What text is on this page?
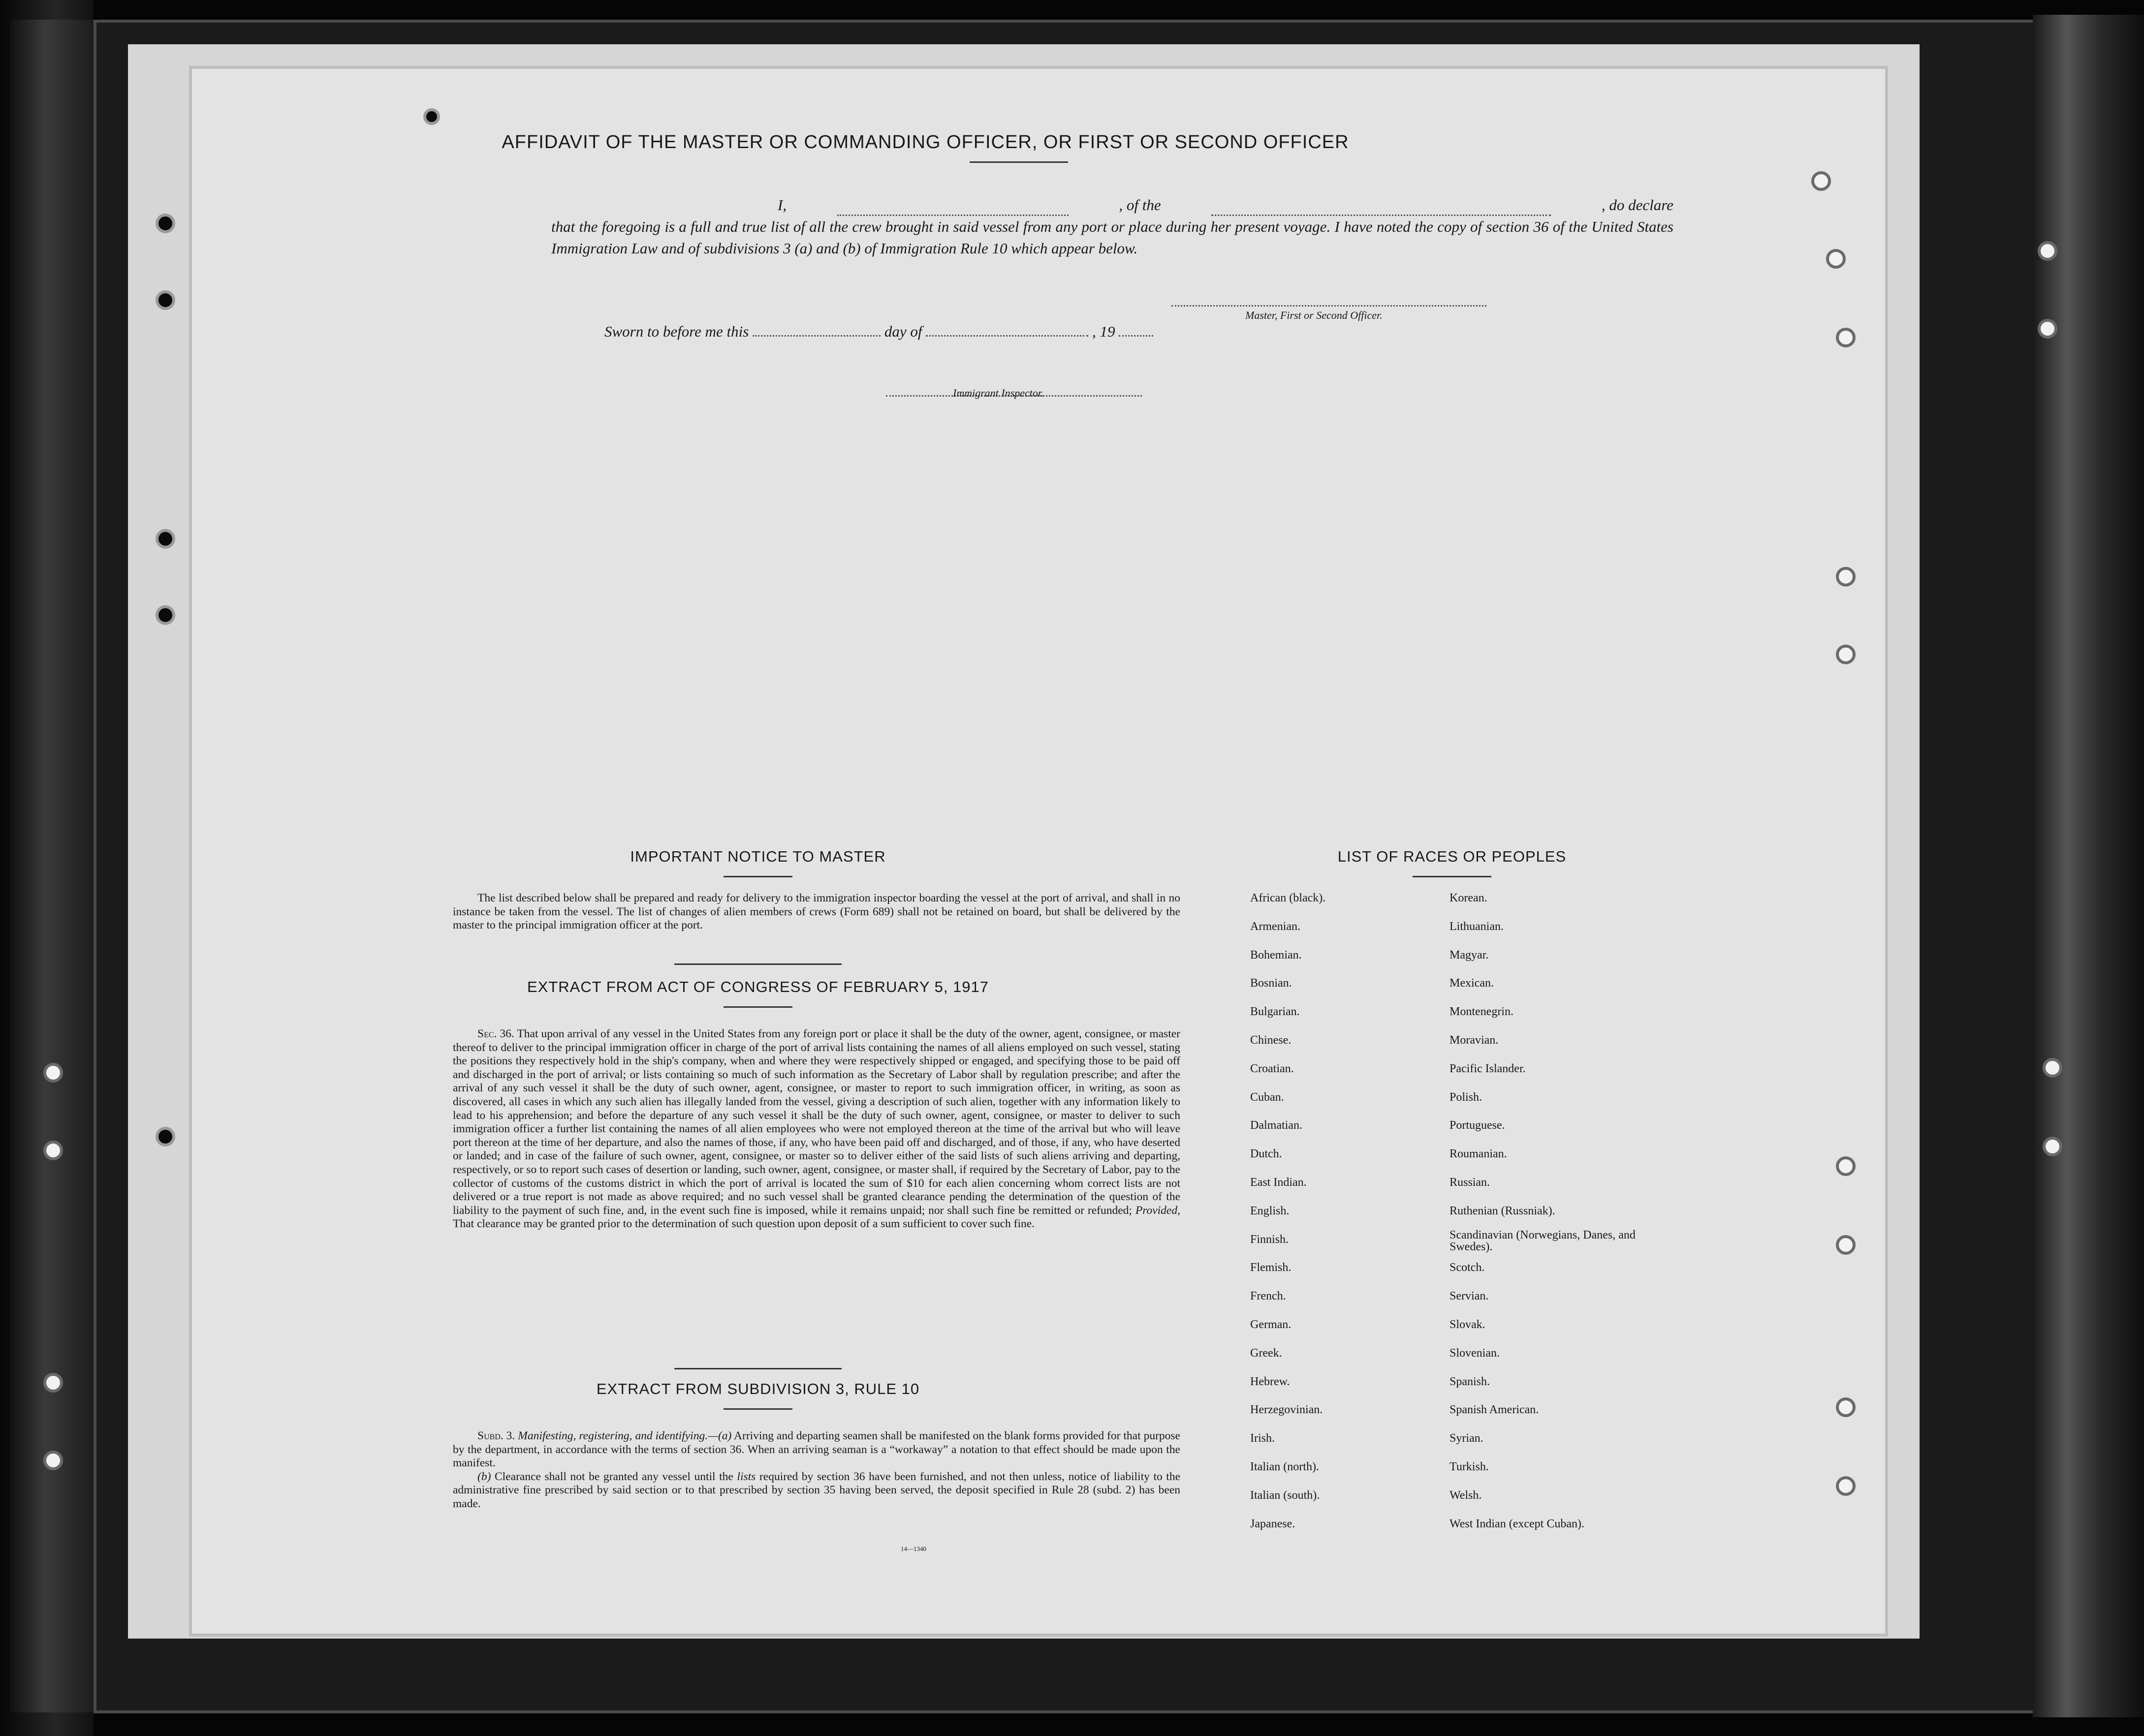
AFFIDAVIT OF THE MASTER OR COMMANDING OFFICER, OR FIRST OR SECOND OFFICER
I,	, of the	, do declare

that the foregoing is a full and true list of all the crew brought in said vessel from any port or place during her present voyage. I have noted the copy of section 36 of the United States Immigration Law and of subdivisions 3 (a) and (b) of Immigration Rule 10 which appear below.

Master, First or Second Officer.
Sworn to before me this	day of	, 19
Immigrant Inspector.
IMPORTANT NOTICE TO MASTER

The list described below shall be prepared and ready for delivery to the immigration inspector boarding the vessel at the port of arrival, and shall in no instance be taken from the vessel. The list of changes of alien members of crews (Form 689) shall not be retained on board, but shall be delivered by the master to the principal immigration officer at the port.

EXTRACT FROM ACT OF CONGRESS OF FEBRUARY 5, 1917

Sec. 36. That upon arrival of any vessel in the United States from any foreign port or place it shall be the duty of the owner, agent, consignee, or master thereof to deliver to the principal immigration officer in charge of the port of arrival lists containing the names of all aliens employed on such vessel, stating the positions they respectively hold in the ship's company, when and where they were respectively shipped or engaged, and specifying those to be paid off and discharged in the port of arrival; or lists containing so much of such information as the Secretary of Labor shall by regulation prescribe; and after the arrival of any such vessel it shall be the duty of such owner, agent, consignee, or master to report to such immigration officer, in writing, as soon as discovered, all cases in which any such alien has illegally landed from the vessel, giving a description of such alien, together with any information likely to lead to his apprehension; and before the departure of any such vessel it shall be the duty of such owner, agent, consignee, or master to deliver to such immigration officer a further list containing the names of all alien employees who were not employed thereon at the time of the arrival but who will leave port thereon at the time of her departure, and also the names of those, if any, who have been paid off and discharged, and of those, if any, who have deserted or landed; and in case of the failure of such owner, agent, consignee, or master so to deliver either of the said lists of such aliens arriving and departing, respectively, or so to report such cases of desertion or landing, such owner, agent, consignee, or master shall, if required by the Secretary of Labor, pay to the collector of customs of the customs district in which the port of arrival is located the sum of $10 for each alien concerning whom correct lists are not delivered or a true report is not made as above required; and no such vessel shall be granted clearance pending the determination of the question of the liability to the payment of such fine, and, in the event such fine is imposed, while it remains unpaid; nor shall such fine be remitted or refunded; Provided, That clearance may be granted prior to the determination of such question upon deposit of a sum sufficient to cover such fine.

EXTRACT FROM SUBDIVISION 3, RULE 10

Subd. 3. Manifesting, registering, and identifying.—(a) Arriving and departing seamen shall be manifested on the blank forms provided for that purpose by the department, in accordance with the terms of section 36. When an arriving seaman is a “workaway” a notation to that effect should be made upon the manifest.

(b) Clearance shall not be granted any vessel until the lists required by section 36 have been furnished, and not then unless, notice of liability to the administrative fine prescribed by said section or to that prescribed by section 35 having been served, the deposit specified in Rule 28 (subd. 2) has been made.

14—1340
LIST OF RACES OR PEOPLES
African (black).
Armenian.
Bohemian.
Bosnian.
Bulgarian.
Chinese.
Croatian.
Cuban.
Dalmatian.
Dutch.
East Indian.
English.
Finnish.
Flemish.
French.
German.
Greek.
Hebrew.
Herzegovinian.
Irish.
Italian (north).
Italian (south).
Japanese.
Korean.
Lithuanian.
Magyar.
Mexican.
Montenegrin.
Moravian.
Pacific Islander.
Polish.
Portuguese.
Roumanian.
Russian.
Ruthenian (Russniak).
Scandinavian (Norwegians, Danes, and Swedes).
Scotch.
Servian.
Slovak.
Slovenian.
Spanish.
Spanish American.
Syrian.
Turkish.
Welsh.
West Indian (except Cuban).
